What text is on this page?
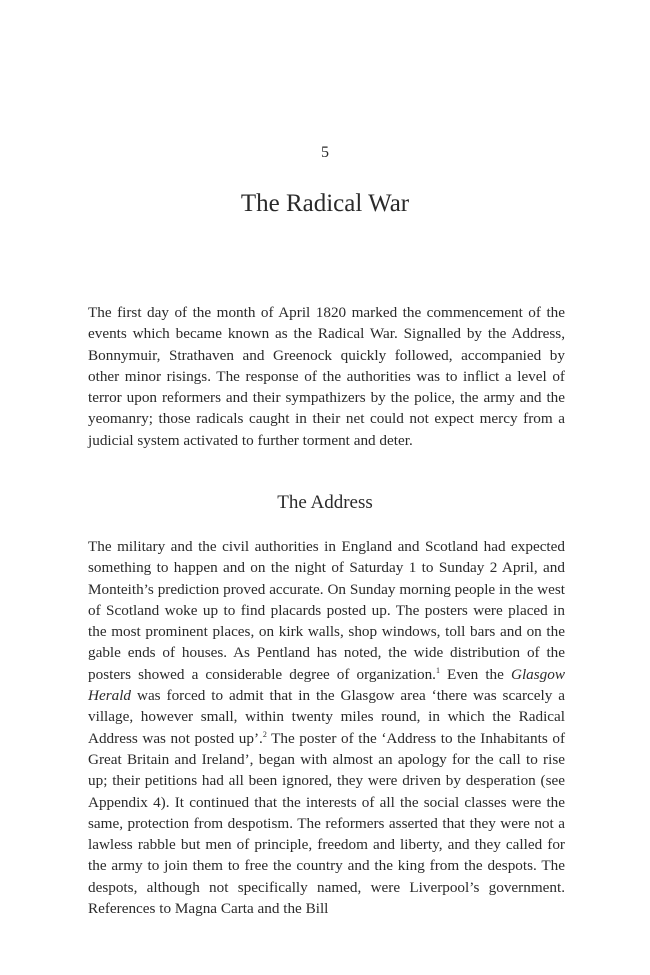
5
The Radical War

The first day of the month of April 1820 marked the commencement of the events which became known as the Radical War. Signalled by the Address, Bonnymuir, Strathaven and Greenock quickly followed, accompanied by other minor risings. The response of the authorities was to inflict a level of terror upon reformers and their sympathizers by the police, the army and the yeomanry; those radicals caught in their net could not expect mercy from a judicial system activated to further torment and deter.

The Address

The military and the civil authorities in England and Scotland had expected something to happen and on the night of Saturday 1 to Sunday 2 April, and Monteith’s prediction proved accurate. On Sunday morning people in the west of Scotland woke up to find placards posted up. The posters were placed in the most prominent places, on kirk walls, shop windows, toll bars and on the gable ends of houses. As Pentland has noted, the wide distribution of the posters showed a considerable degree of organization.$^1$ Even the Glasgow Herald was forced to admit that in the Glasgow area ‘there was scarcely a village, however small, within twenty miles round, in which the Radical Address was not posted up’.$^2$ The poster of the ‘Address to the Inhabitants of Great Britain and Ireland’, began with almost an apology for the call to rise up; their petitions had all been ignored, they were driven by desperation (see Appendix 4). It continued that the interests of all the social classes were the same, protection from despotism. The reformers asserted that they were not a lawless rabble but men of principle, freedom and liberty, and they called for the army to join them to free the country and the king from the despots. The despots, although not specifically named, were Liverpool’s government. References to Magna Carta and the Bill
